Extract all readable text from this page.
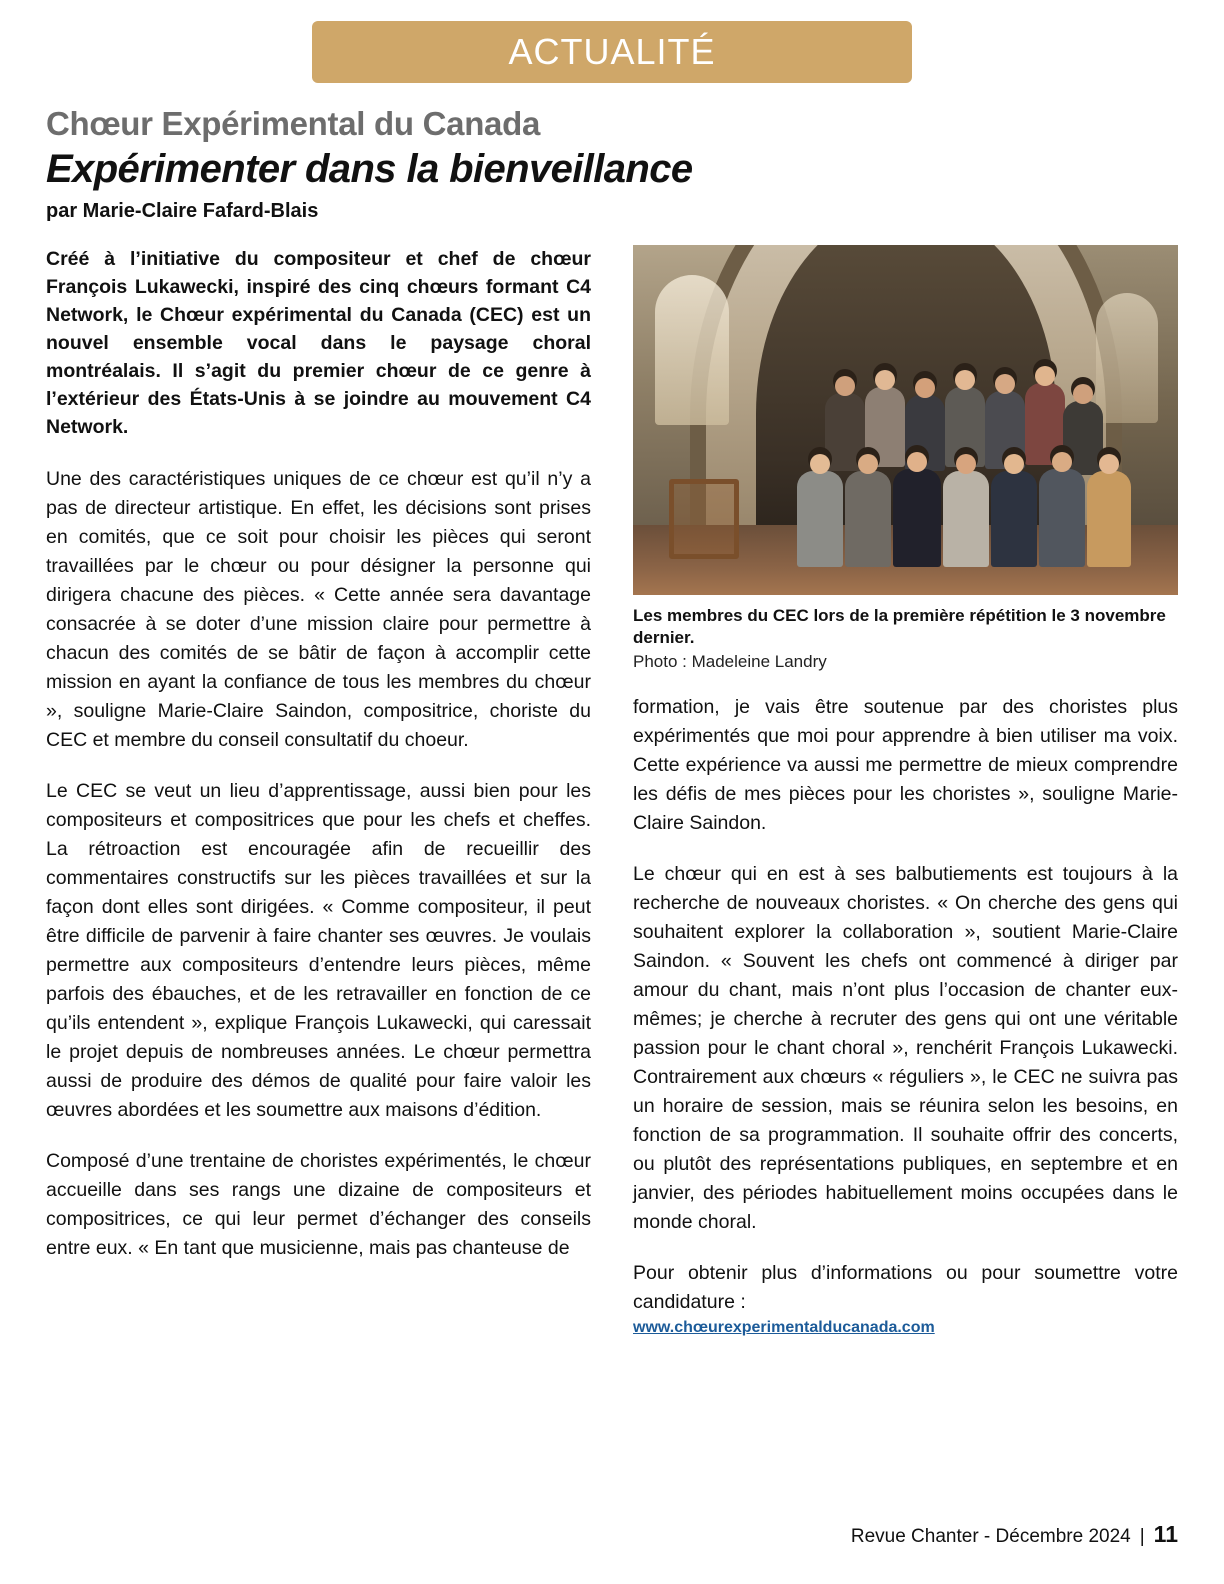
ACTUALITÉ
Chœur Expérimental du Canada
Expérimenter dans la bienveillance
par Marie-Claire Fafard-Blais

Créé à l’initiative du compositeur et chef de chœur François Lukawecki, inspiré des cinq chœurs formant C4 Network, le Chœur expérimental du Canada (CEC) est un nouvel ensemble vocal dans le paysage choral montréalais. Il s’agit du premier chœur de ce genre à l’extérieur des États-Unis à se joindre au mouvement C4 Network.

Une des caractéristiques uniques de ce chœur est qu’il n’y a pas de directeur artistique. En effet, les décisions sont prises en comités, que ce soit pour choisir les pièces qui seront travaillées par le chœur ou pour désigner la personne qui dirigera chacune des pièces. « Cette année sera davantage consacrée à se doter d’une mission claire pour permettre à chacun des comités de se bâtir de façon à accomplir cette mission en ayant la confiance de tous les membres du chœur », souligne Marie-Claire Saindon, compositrice, choriste du CEC et membre du conseil consultatif du choeur.

Le CEC se veut un lieu d’apprentissage, aussi bien pour les compositeurs et compositrices que pour les chefs et cheffes. La rétroaction est encouragée afin de recueillir des commentaires constructifs sur les pièces travaillées et sur la façon dont elles sont dirigées. « Comme compositeur, il peut être difficile de parvenir à faire chanter ses œuvres. Je voulais permettre aux compositeurs d’entendre leurs pièces, même parfois des ébauches, et de les retravailler en fonction de ce qu’ils entendent », explique François Lukawecki, qui caressait le projet depuis de nombreuses années. Le chœur permettra aussi de produire des démos de qualité pour faire valoir les œuvres abordées et les soumettre aux maisons d’édition.

Composé d’une trentaine de choristes expérimentés, le chœur accueille dans ses rangs une dizaine de compositeurs et compositrices, ce qui leur permet d’échanger des conseils entre eux. « En tant que musicienne, mais pas chanteuse de

Les membres du CEC lors de la première répétition le 3 novembre dernier.

Photo : Madeleine Landry

formation, je vais être soutenue par des choristes plus expérimentés que moi pour apprendre à bien utiliser ma voix. Cette expérience va aussi me permettre de mieux comprendre les défis de mes pièces pour les choristes », souligne Marie-Claire Saindon.

Le chœur qui en est à ses balbutiements est toujours à la recherche de nouveaux choristes. « On cherche des gens qui souhaitent explorer la collaboration », soutient Marie-Claire Saindon. « Souvent les chefs ont commencé à diriger par amour du chant, mais n’ont plus l’occasion de chanter eux-mêmes; je cherche à recruter des gens qui ont une véritable passion pour le chant choral », renchérit François Lukawecki. Contrairement aux chœurs « réguliers », le CEC ne suivra pas un horaire de session, mais se réunira selon les besoins, en fonction de sa programmation. Il souhaite offrir des concerts, ou plutôt des représentations publiques, en septembre et en janvier, des périodes habituellement moins occupées dans le monde choral.

Pour obtenir plus d’informations ou pour soumettre votre candidature :

www.chœurexperimentalducanada.com
Revue Chanter - Décembre 2024 | 11
